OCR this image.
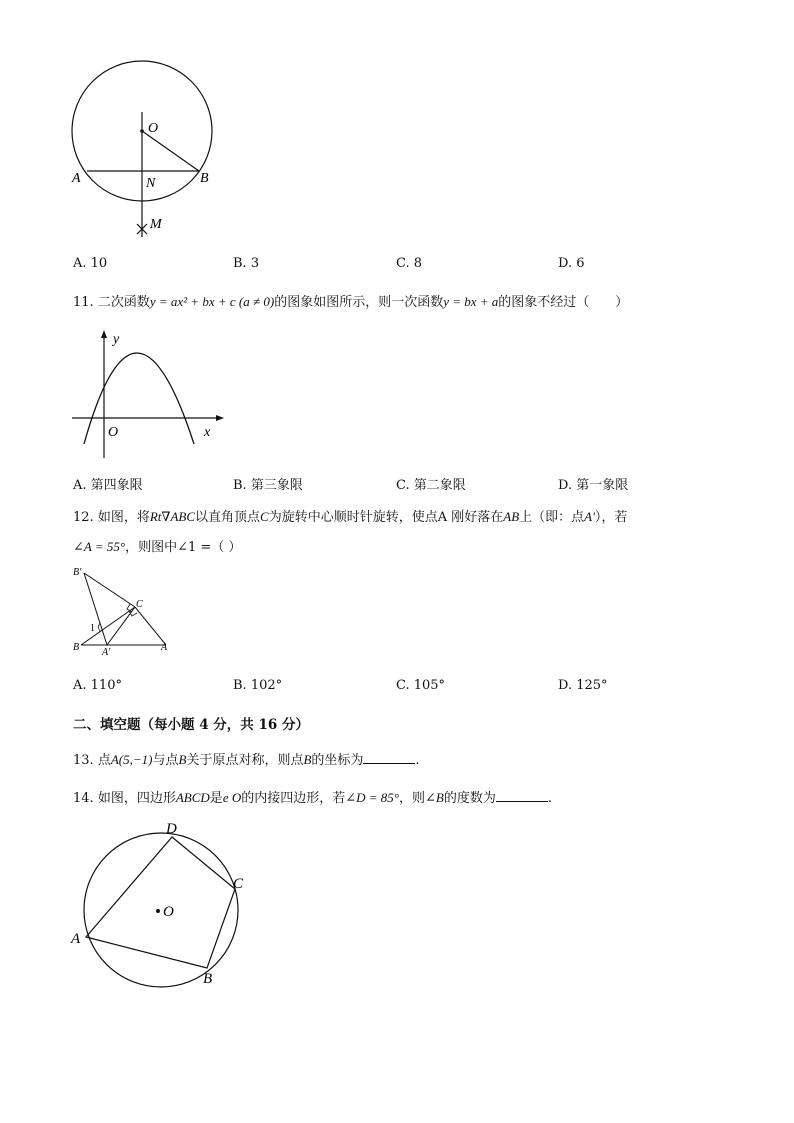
O
A	B
N
M
A. 10	B. 3	C. 8	D. 6
11. 二次函数y = ax² + bx + c (a ≠ 0)的图象如图所示，则一次函数y = bx + a的图象不经过（　　）
y
x
O
A. 第四象限	B. 第三象限	C. 第二象限	D. 第一象限
12. 如图，将Rt∇ABC以直角顶点C为旋转中心顺时针旋转，使点A 刚好落在AB上（即：点A'），若
∠A = 55°，则图中∠1 =（ ）
B'
C
1
B A'	A
A. 110°	B. 102°	C. 105°	D. 125°
二、填空题（每小题 4 分，共 16 分）
13. 点A(5,−1)与点B关于原点对称，则点B的坐标为	.
14. 如图，四边形ABCD是e O的内接四边形，若∠D = 85°，则∠B的度数为	.
O
D
C
A
B
